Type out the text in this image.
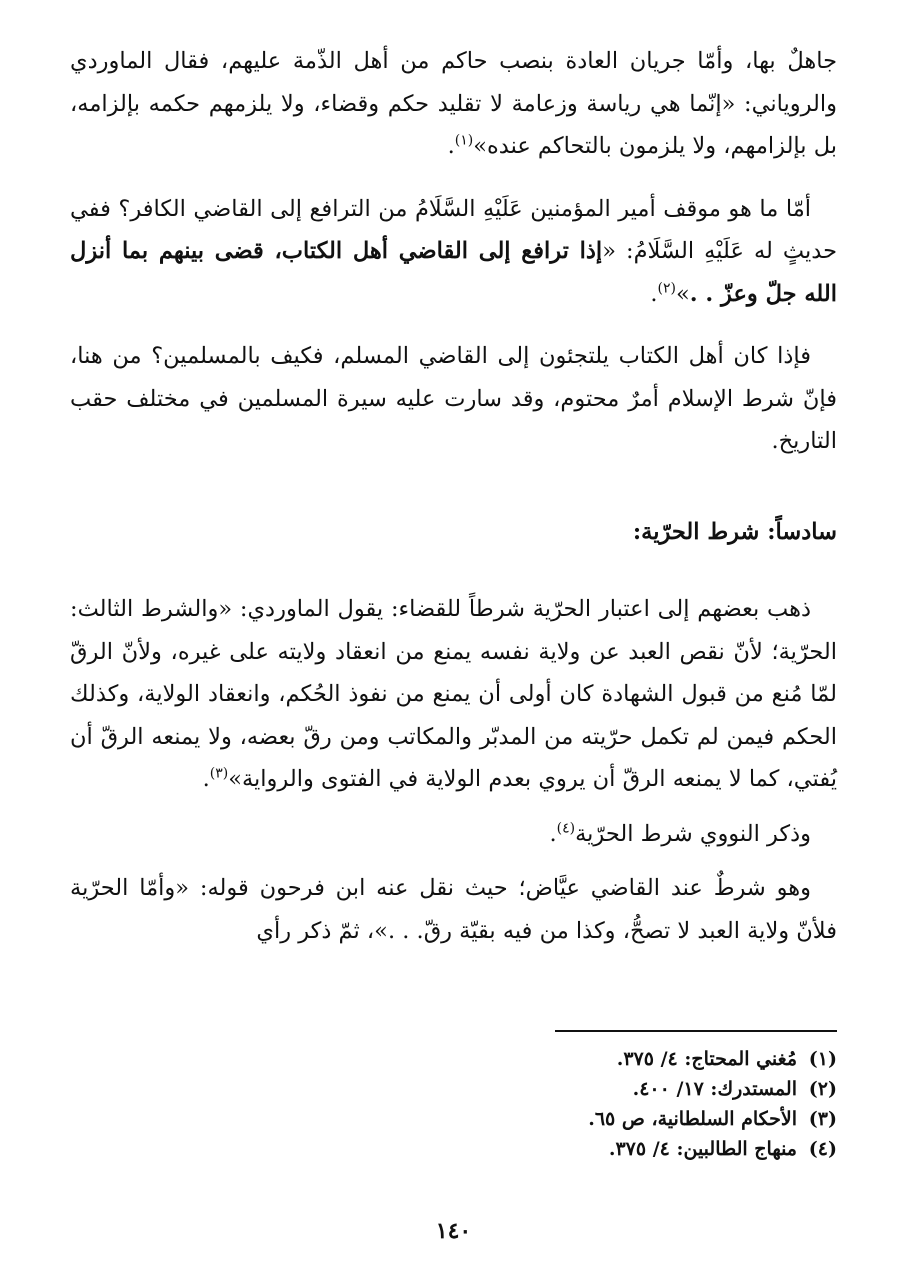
جاهلٌ بها، وأمّا جريان العادة بنصب حاكم من أهل الذّمة عليهم، فقال الماوردي والروياني: «إنّما هي رياسة وزعامة لا تقليد حكم وقضاء، ولا يلزمهم حكمه بإلزامه، بل بإلزامهم، ولا يلزمون بالتحاكم عنده»$^{(١)}$.

أمّا ما هو موقف أمير المؤمنين عَلَيْهِ السَّلَامُ من الترافع إلى القاضي الكافر؟ ففي حديثٍ له عَلَيْهِ السَّلَامُ: «إذا ترافع إلى القاضي أهل الكتاب، قضى بينهم بما أنزل الله جلّ وعزّ . .»$^{(٢)}$.

فإذا كان أهل الكتاب يلتجئون إلى القاضي المسلم، فكيف بالمسلمين؟ من هنا، فإنّ شرط الإسلام أمرٌ محتوم، وقد سارت عليه سيرة المسلمين في مختلف حقب التاريخ.

سادساً: شرط الحرّية:

ذهب بعضهم إلى اعتبار الحرّية شرطاً للقضاء: يقول الماوردي: «والشرط الثالث: الحرّية؛ لأنّ نقص العبد عن ولاية نفسه يمنع من انعقاد ولايته على غيره، ولأنّ الرقّ لمّا مُنع من قبول الشهادة كان أولى أن يمنع من نفوذ الحُكم، وانعقاد الولاية، وكذلك الحكم فيمن لم تكمل حرّيته من المدبّر والمكاتب ومن رقّ بعضه، ولا يمنعه الرقّ أن يُفتي، كما لا يمنعه الرقّ أن يروي بعدم الولاية في الفتوى والرواية»$^{(٣)}$.

وذكر النووي شرط الحرّية$^{(٤)}$.

وهو شرطٌ عند القاضي عيَّاض؛ حيث نقل عنه ابن فرحون قوله: «وأمّا الحرّية فلأنّ ولاية العبد لا تصحُّ، وكذا من فيه بقيّة رقّ. . .»، ثمّ ذكر رأي

(١)مُغني المحتاج: ٤/ ٣٧٥.
(٢)المستدرك: ١٧/ ٤٠٠.
(٣)الأحكام السلطانية، ص ٦٥.
(٤)منهاج الطالبين: ٤/ ٣٧٥.
١٤٠
